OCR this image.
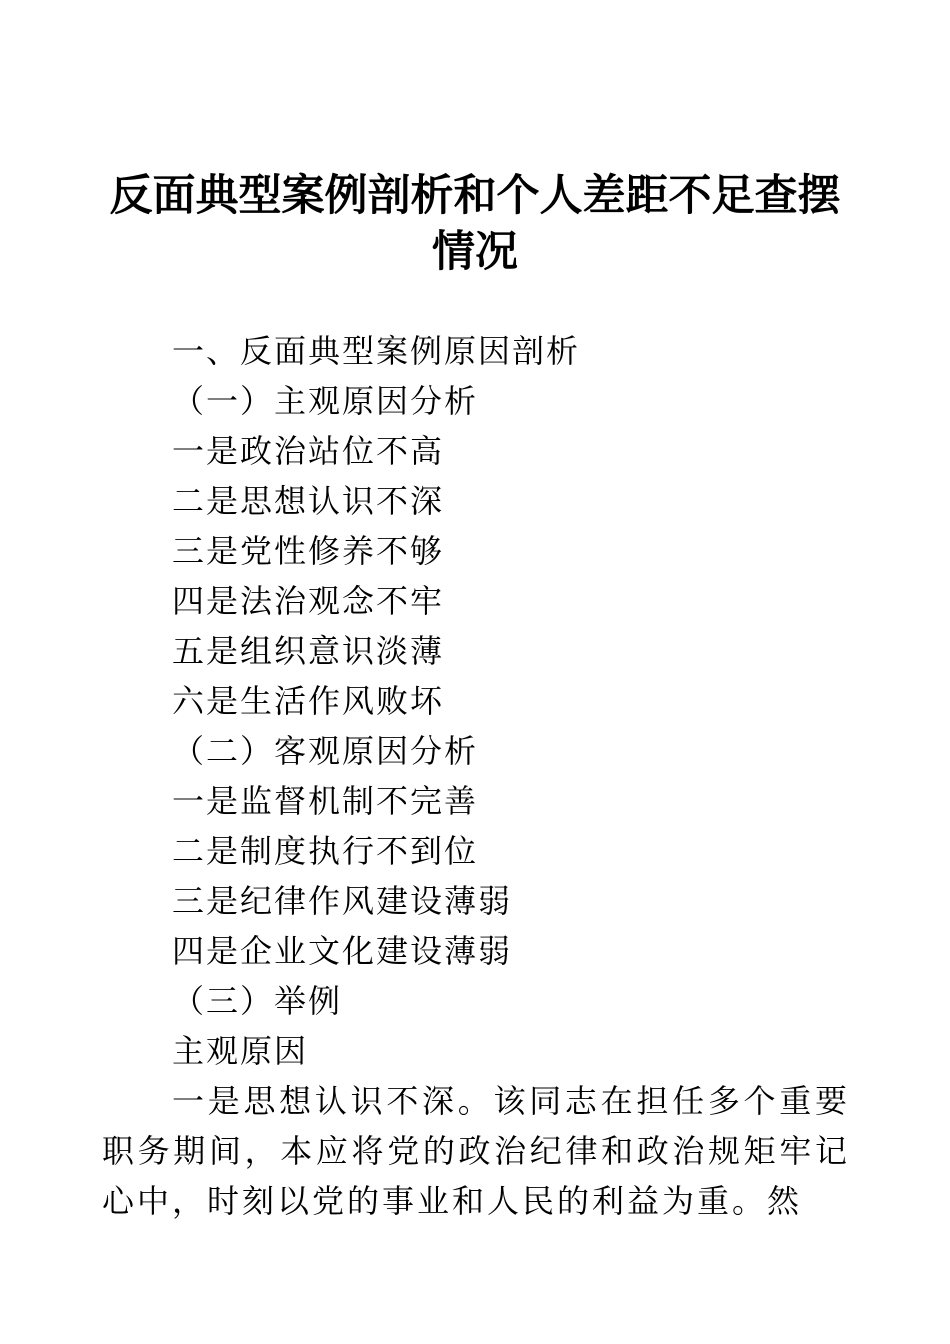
反面典型案例剖析和个人差距不足查摆情况
一、反面典型案例原因剖析
（一）主观原因分析
一是政治站位不高
二是思想认识不深
三是党性修养不够
四是法治观念不牢
五是组织意识淡薄
六是生活作风败坏
（二）客观原因分析
一是监督机制不完善
二是制度执行不到位
三是纪律作风建设薄弱
四是企业文化建设薄弱
（三）举例
主观原因
一是思想认识不深。该同志在担任多个重要职务期间，本应将党的政治纪律和政治规矩牢记心中，时刻以党的事业和人民的利益为重。然
